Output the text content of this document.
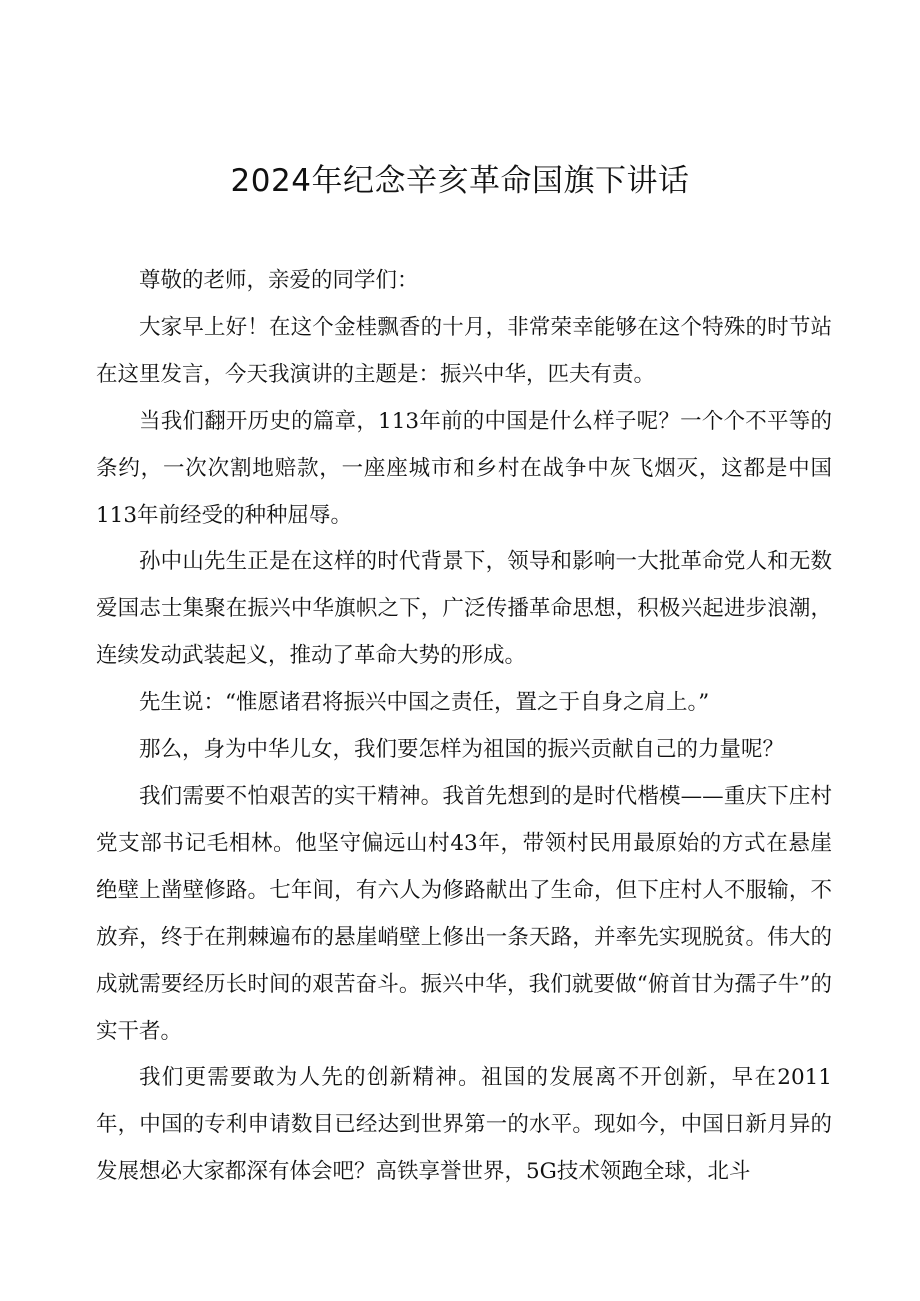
2024年纪念辛亥革命国旗下讲话

尊敬的老师，亲爱的同学们：

大家早上好！在这个金桂飘香的十月，非常荣幸能够在这个特殊的时节站在这里发言，今天我演讲的主题是：振兴中华，匹夫有责。

当我们翻开历史的篇章，113年前的中国是什么样子呢？一个个不平等的条约，一次次割地赔款，一座座城市和乡村在战争中灰飞烟灭，这都是中国113年前经受的种种屈辱。

孙中山先生正是在这样的时代背景下，领导和影响一大批革命党人和无数爱国志士集聚在振兴中华旗帜之下，广泛传播革命思想，积极兴起进步浪潮，连续发动武装起义，推动了革命大势的形成。

先生说：“惟愿诸君将振兴中国之责任，置之于自身之肩上。”

那么，身为中华儿女，我们要怎样为祖国的振兴贡献自己的力量呢？

我们需要不怕艰苦的实干精神。我首先想到的是时代楷模——重庆下庄村党支部书记毛相林。他坚守偏远山村43年，带领村民用最原始的方式在悬崖绝壁上凿壁修路。七年间，有六人为修路献出了生命，但下庄村人不服输，不放弃，终于在荆棘遍布的悬崖峭壁上修出一条天路，并率先实现脱贫。伟大的成就需要经历长时间的艰苦奋斗。振兴中华，我们就要做“俯首甘为孺子牛”的实干者。

我们更需要敢为人先的创新精神。祖国的发展离不开创新，早在2011年，中国的专利申请数目已经达到世界第一的水平。现如今，中国日新月异的发展想必大家都深有体会吧？高铁享誉世界，5G技术领跑全球，北斗
